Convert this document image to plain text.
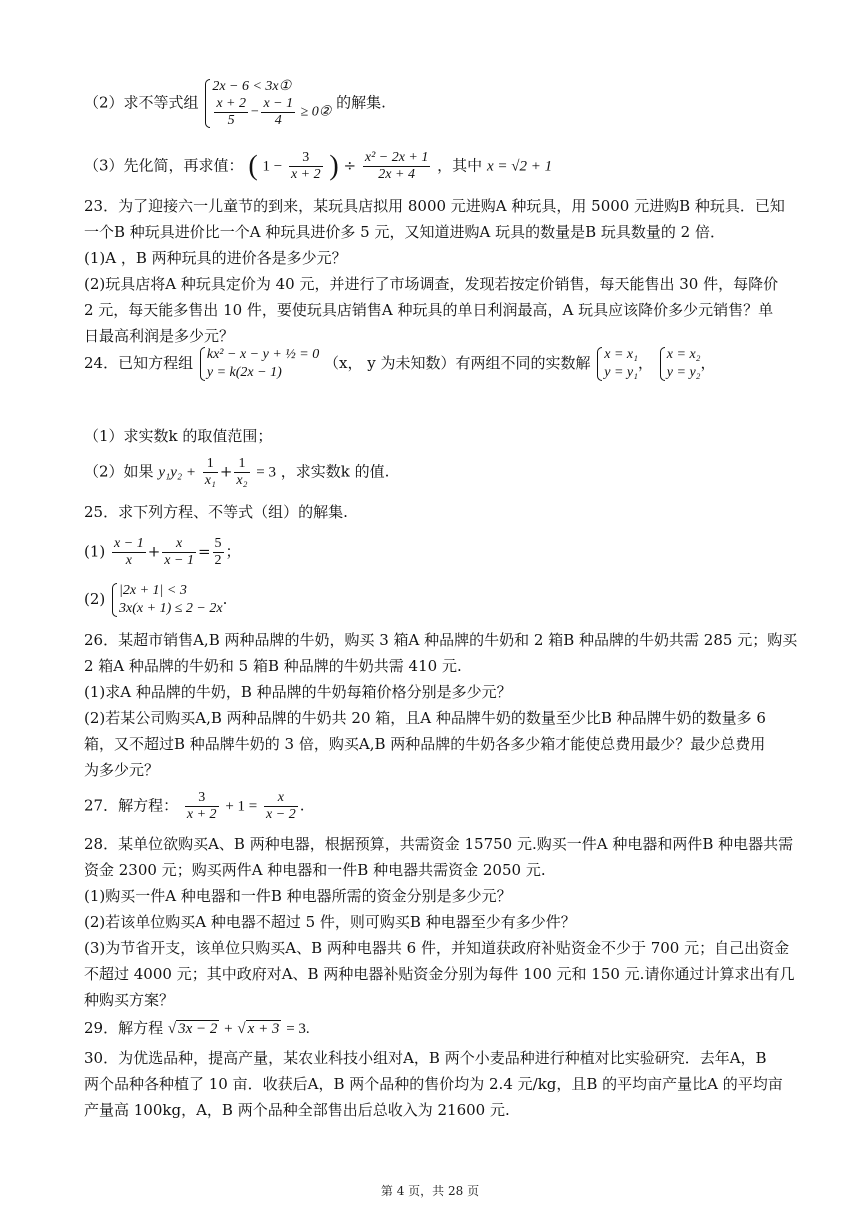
（2）求不等式组
2x − 6 < 3x①
$\frac{x + 2}{5} - \frac{x - 1}{4}$ ≥ 0②
的解集.
（3）先化简，再求值： ( $1 - \frac{3}{x + 2}$ ) ÷ $\frac{\text{x² − 2x + 1}}{2x + 4}$ ，其中 x = √2 + 1
23．为了迎接六一儿童节的到来，某玩具店拟用 8000 元进购A 种玩具，用 5000 元进购B 种玩具．已知
一个B 种玩具进价比一个A 种玩具进价多 5 元，又知道进购A 玩具的数量是B 玩具数量的 2 倍．
(1)A ，B 两种玩具的进价各是多少元？
(2)玩具店将A 种玩具定价为 40 元，并进行了市场调查，发现若按定价销售，每天能售出 30 件，每降价
2 元，每天能多售出 10 件，要使玩具店销售A 种玩具的单日利润最高，A 玩具应该降价多少元销售？单
日最高利润是多少元？
24．已知方程组 kx² − x − y + ½ = 0
y = k(2x − 1)
（x， y 为未知数）有两组不同的实数解 x = x₁
y = y₁
， x = x₂
y = y₂
，
（1）求实数k 的取值范围；
（2）如果 $y_1y_2 + \frac{1}{\text{x₁}} + \frac{1}{\text{x₂}} = 3$ ，求实数k 的值.
25．求下列方程、不等式（组）的解集.
$(1) \frac{x - 1}{x} + \frac{x}{x - 1} = \frac{5}{2}$ ；
(2) |2x + 1| < 3
3x(x + 1) ≤ 2 − 2x
.
26．某超市销售A,B 两种品牌的牛奶，购买 3 箱A 种品牌的牛奶和 2 箱B 种品牌的牛奶共需 285 元；购买
2 箱A 种品牌的牛奶和 5 箱B 种品牌的牛奶共需 410 元.
(1)求A 种品牌的牛奶，B 种品牌的牛奶每箱价格分别是多少元？
(2)若某公司购买A,B 两种品牌的牛奶共 20 箱，且A 种品牌牛奶的数量至少比B 种品牌牛奶的数量多 6
箱，又不超过B 种品牌牛奶的 3 倍，购买A,B 两种品牌的牛奶各多少箱才能使总费用最少？最少总费用
为多少元？
27．解方程： $\frac{3}{x + 2} + 1 = \frac{x}{x - 2}$ .
28．某单位欲购买A、B 两种电器，根据预算，共需资金 15750 元.购买一件A 种电器和两件B 种电器共需
资金 2300 元；购买两件A 种电器和一件B 种电器共需资金 2050 元.
(1)购买一件A 种电器和一件B 种电器所需的资金分别是多少元？
(2)若该单位购买A 种电器不超过 5 件，则可购买B 种电器至少有多少件？
(3)为节省开支，该单位只购买A、B 两种电器共 6 件，并知道获政府补贴资金不少于 700 元；自己出资金
不超过 4000 元；其中政府对A、B 两种电器补贴资金分别为每件 100 元和 150 元.请你通过计算求出有几
种购买方案？
29．解方程 √ 3x − 2 + √ x + 3 = 3.
30．为优选品种，提高产量，某农业科技小组对A，B 两个小麦品种进行种植对比实验研究．去年A，B
两个品种各种植了 10 亩．收获后A，B 两个品种的售价均为 2.4 元/kg，且B 的平均亩产量比A 的平均亩
产量高 100kg，A，B 两个品种全部售出后总收入为 21600 元.
第 4 页，共 28 页
